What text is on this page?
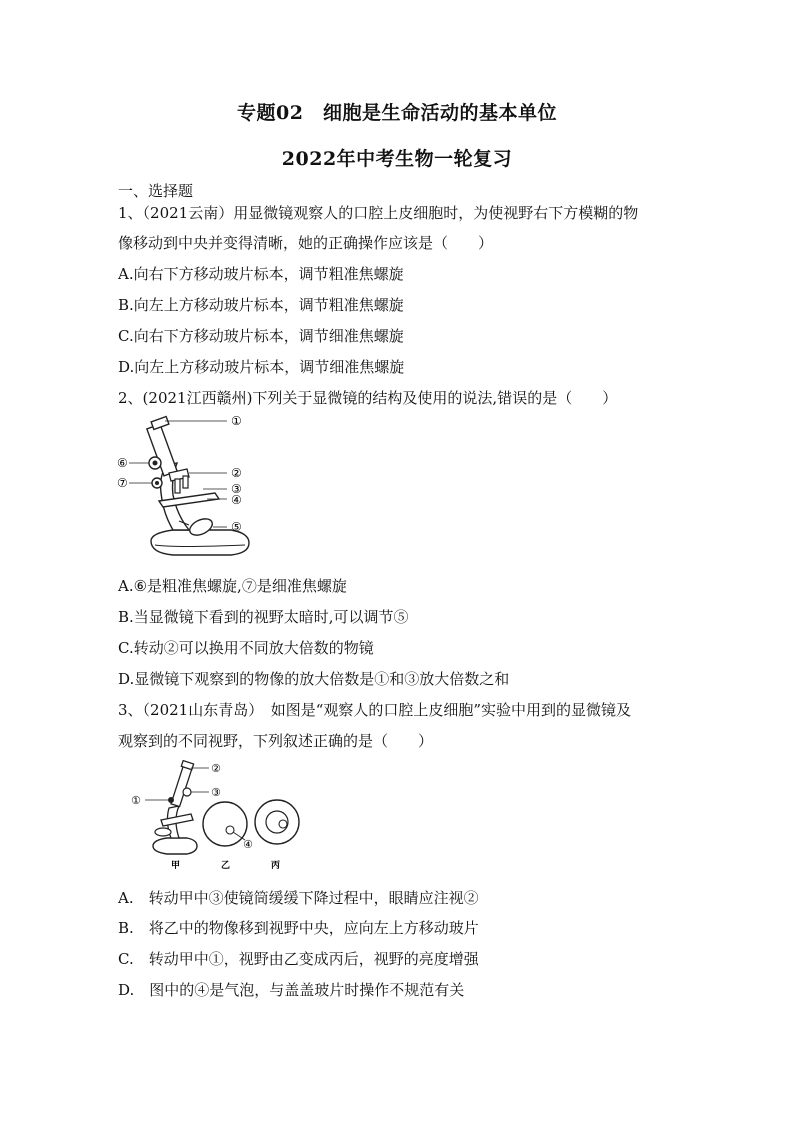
专题02　细胞是生命活动的基本单位
2022年中考生物一轮复习
一、选择题
1、（2021云南）用显微镜观察人的口腔上皮细胞时，为使视野右下方模糊的物
像移动到中央并变得清晰，她的正确操作应该是（　　）
A.向右下方移动玻片标本，调节粗准焦螺旋
B.向左上方移动玻片标本，调节粗准焦螺旋
C.向右下方移动玻片标本，调节细准焦螺旋
D.向左上方移动玻片标本，调节细准焦螺旋
2、(2021江西赣州)下列关于显微镜的结构及使用的说法,错误的是（　　）
①
②
③
④
⑤
⑥
⑦
A.⑥是粗准焦螺旋,⑦是细准焦螺旋
B.当显微镜下看到的视野太暗时,可以调节⑤
C.转动②可以换用不同放大倍数的物镜
D.显微镜下观察到的物像的放大倍数是①和③放大倍数之和
3、（2021山东青岛）　如图是“观察人的口腔上皮细胞”实验中用到的显微镜及
观察到的不同视野，下列叙述正确的是（　　）
①
②
③
④
甲	乙	丙
A.　转动甲中③使镜筒缓缓下降过程中，眼睛应注视②
B.　将乙中的物像移到视野中央，应向左上方移动玻片
C.　转动甲中①，视野由乙变成丙后，视野的亮度增强
D.　图中的④是气泡，与盖盖玻片时操作不规范有关
